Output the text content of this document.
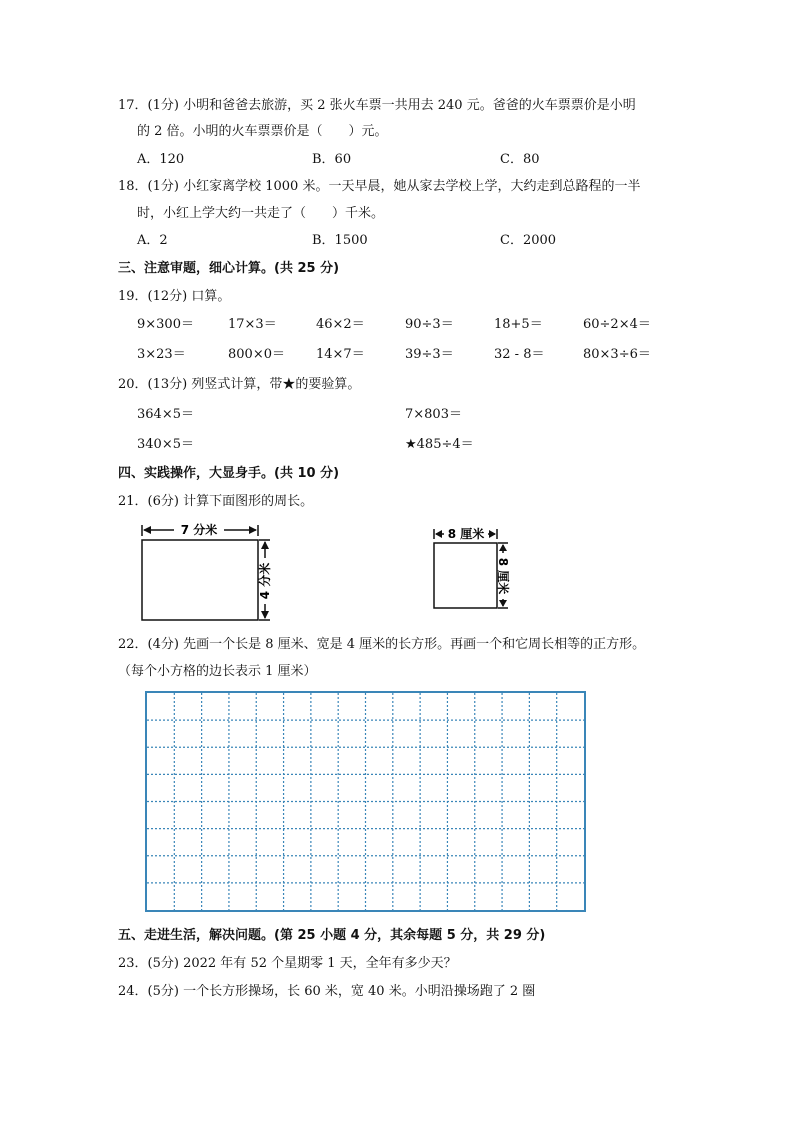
17．(1分) 小明和爸爸去旅游，买 2 张火车票一共用去 240 元。爸爸的火车票票价是小明
的 2 倍。小明的火车票票价是（　　）元。
A．120	B．60	C．80
18．(1分) 小红家离学校 1000 米。一天早晨，她从家去学校上学，大约走到总路程的一半
时，小红上学大约一共走了（　　）千米。
A．2	B．1500	C．2000
三、注意审题，细心计算。(共 25 分)
19．(12分) 口算。
9×300＝	17×3＝	46×2＝	90÷3＝	18+5＝	60÷2×4＝
3×23＝	800×0＝ 14×7＝	39÷3＝	32 - 8＝	80×3÷6＝
20．(13分) 列竖式计算，带★的要验算。
364×5＝	7×803＝
340×5＝	★485÷4＝
四、实践操作，大显身手。(共 10 分)
21．(6分) 计算下面图形的周长。
7 分米
4 分米
8 厘米
8 厘米
22．(4分) 先画一个长是 8 厘米、宽是 4 厘米的长方形。再画一个和它周长相等的正方形。
（每个小方格的边长表示 1 厘米）
五、走进生活，解决问题。(第 25 小题 4 分，其余每题 5 分，共 29 分)
23．(5分) 2022 年有 52 个星期零 1 天，全年有多少天？
24．(5分) 一个长方形操场，长 60 米，宽 40 米。小明沿操场跑了 2 圈
